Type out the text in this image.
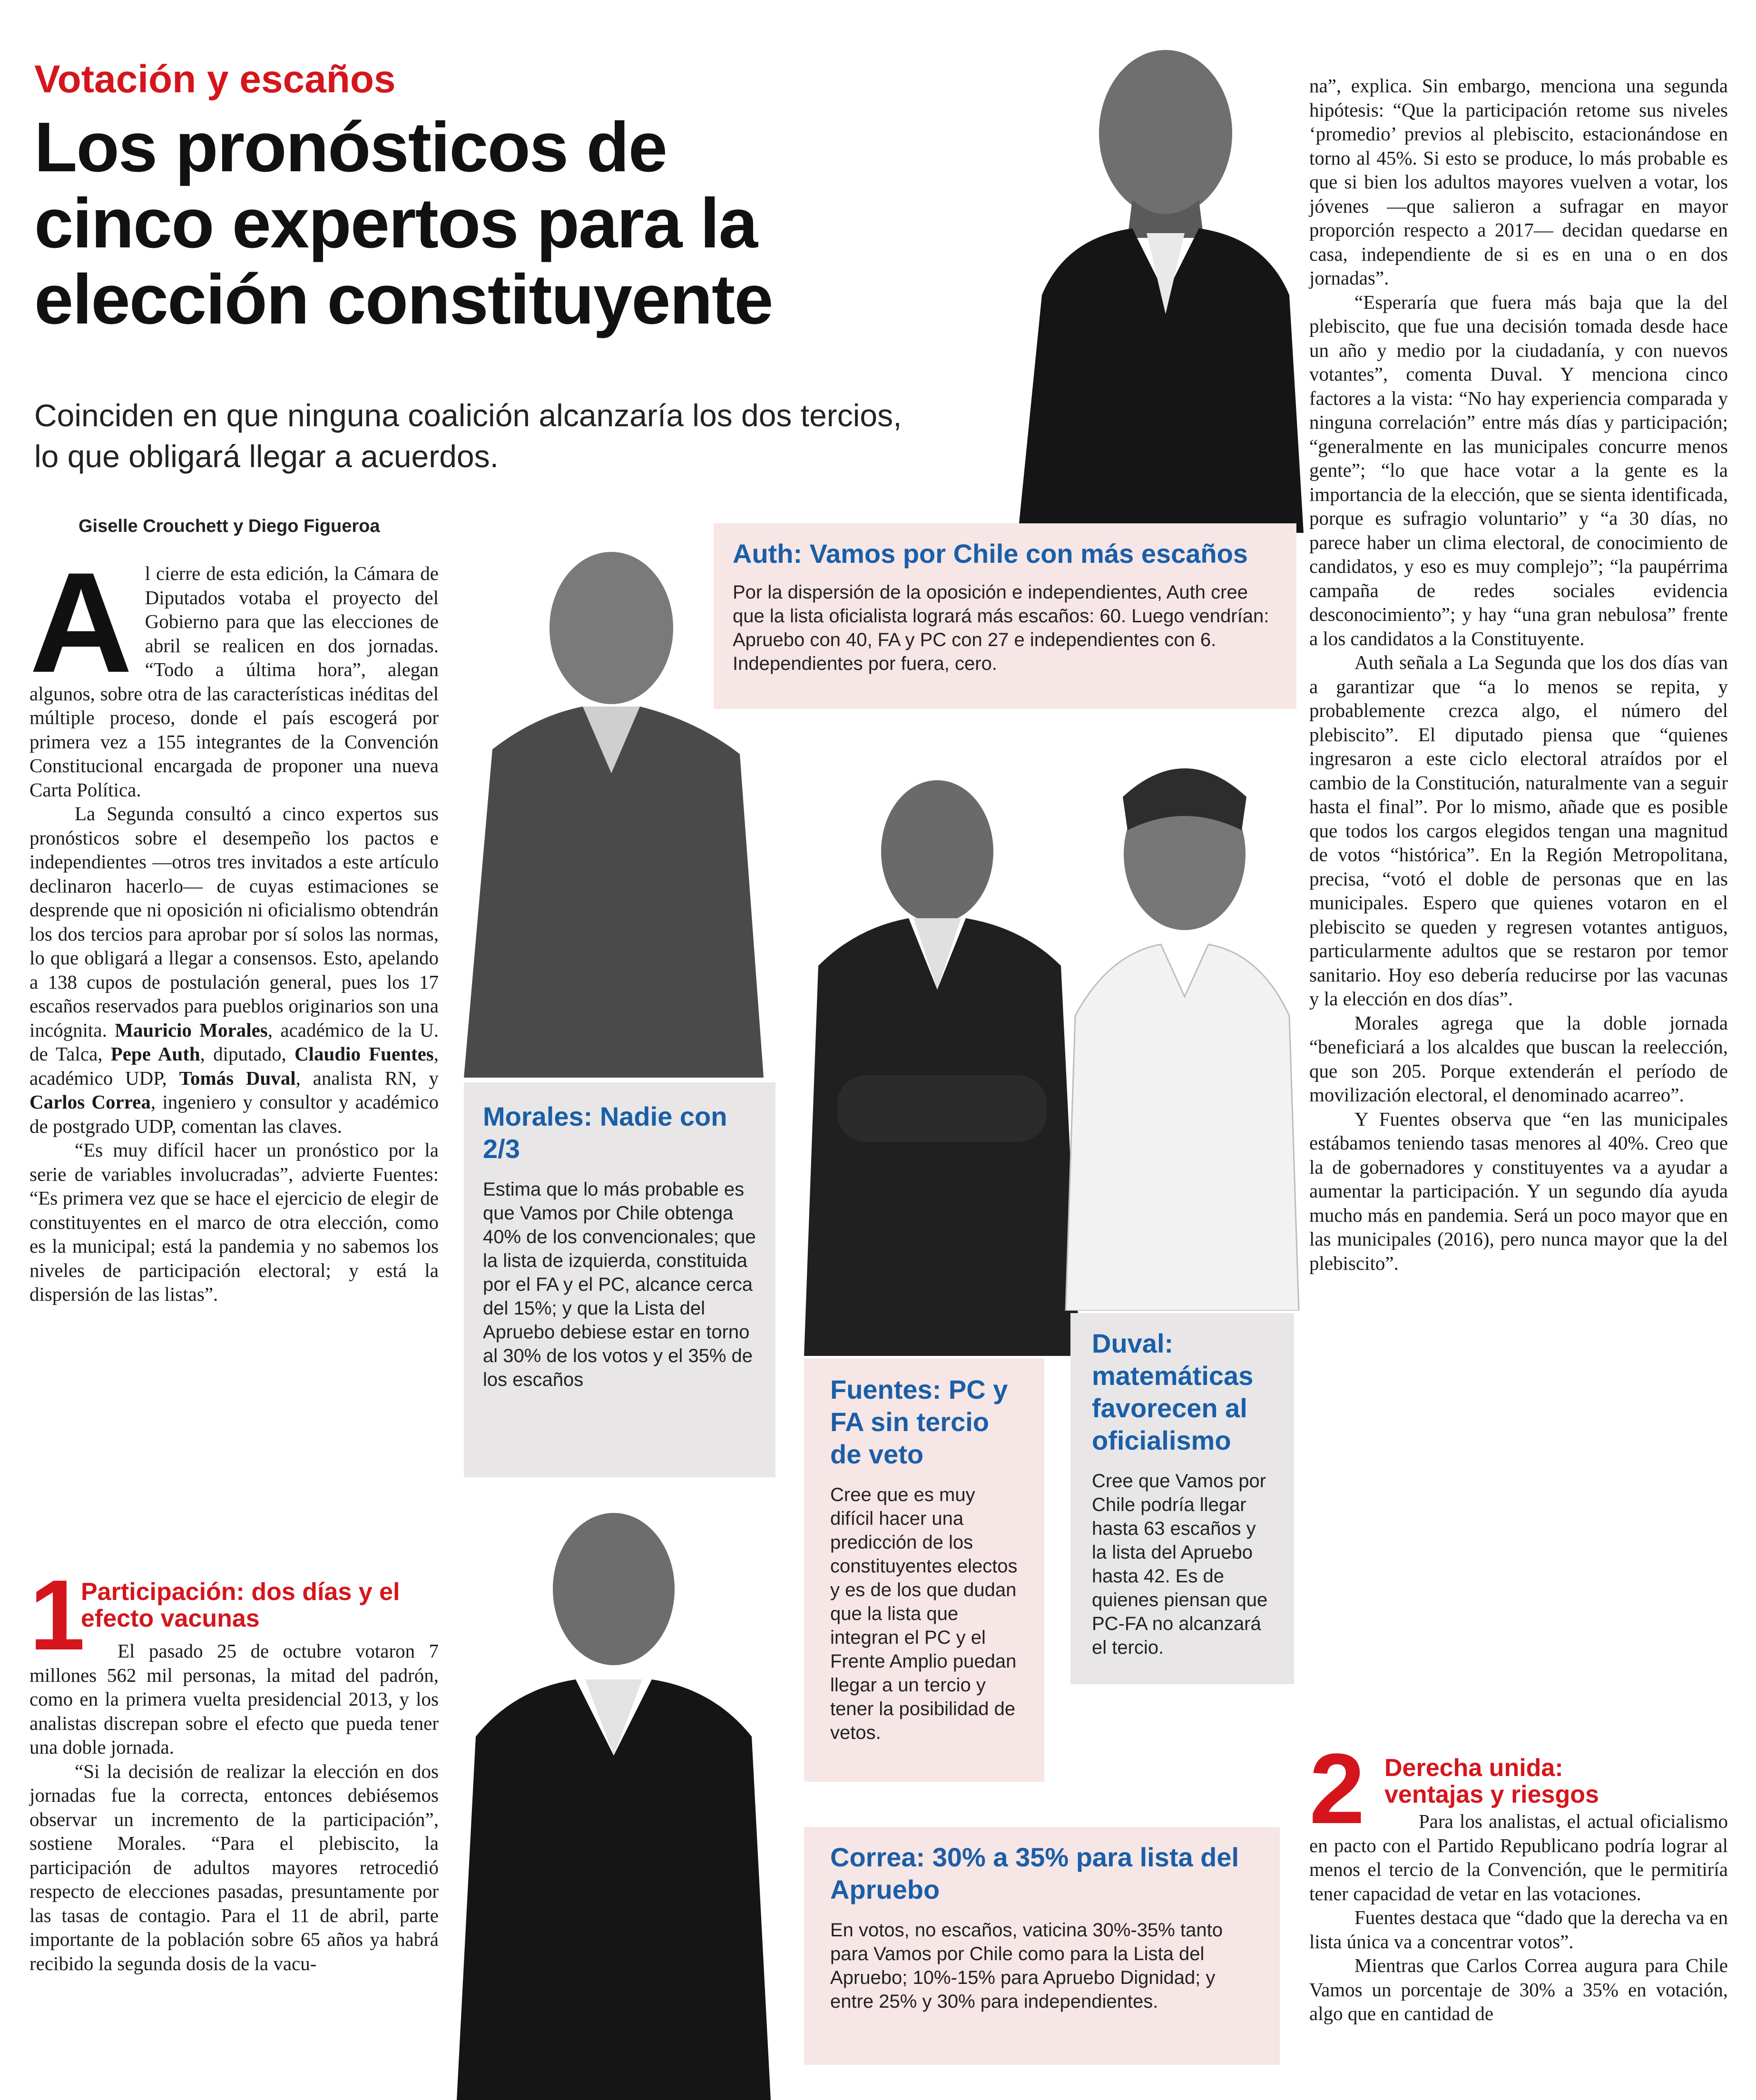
Votación y escaños
Los pronósticos de
cinco expertos para la
elección constituyente
Coinciden en que ninguna coalición alcanzaría los dos tercios, lo que obligará llegar a acuerdos.
Giselle Crouchett y Diego Figueroa
A l cierre de esta edición, la Cámara de Diputados votaba el proyecto del Gobierno para que las elecciones de abril se realicen en dos jornadas. “Todo a última hora”, alegan algunos, sobre otra de las características inéditas del múltiple proceso, donde el país escogerá por primera vez a 155 integrantes de la Convención Constitucional encargada de proponer una nueva Carta Política.

La Segunda consultó a cinco expertos sus pronósticos sobre el desempeño los pactos e independientes —otros tres invitados a este artículo declinaron hacerlo— de cuyas estimaciones se desprende que ni oposición ni oficialismo obtendrán los dos tercios para aprobar por sí solos las normas, lo que obligará a llegar a consensos. Esto, apelando a 138 cupos de postulación general, pues los 17 escaños reservados para pueblos originarios son una incógnita. Mauricio Morales, académico de la U. de Talca, Pepe Auth, diputado, Claudio Fuentes, académico UDP, Tomás Duval, analista RN, y Carlos Correa, ingeniero y consultor y académico de postgrado UDP, comentan las claves.

“Es muy difícil hacer un pronóstico por la serie de variables involucradas”, advierte Fuentes: “Es primera vez que se hace el ejercicio de elegir de constituyentes en el marco de otra elección, como es la municipal; está la pandemia y no sabemos los niveles de participación electoral; y está la dispersión de las listas”.

1
Participación: dos días y el efecto vacunas

El pasado 25 de octubre votaron 7 millones 562 mil personas, la mitad del padrón, como en la primera vuelta presidencial 2013, y los analistas discrepan sobre el efecto que pueda tener una doble jornada.

“Si la decisión de realizar la elección en dos jornadas fue la correcta, entonces debiésemos observar un incremento de la participación”, sostiene Morales. “Para el plebiscito, la participación de adultos mayores retrocedió respecto de elecciones pasadas, presuntamente por las tasas de contagio. Para el 11 de abril, parte importante de la población sobre 65 años ya habrá recibido la segunda dosis de la vacu-

na”, explica. Sin embargo, menciona una segunda hipótesis: “Que la participación retome sus niveles ‘promedio’ previos al plebiscito, estacionándose en torno al 45%. Si esto se produce, lo más probable es que si bien los adultos mayores vuelven a votar, los jóvenes —que salieron a sufragar en mayor proporción respecto a 2017— decidan quedarse en casa, independiente de si es en una o en dos jornadas”.

“Esperaría que fuera más baja que la del plebiscito, que fue una decisión tomada desde hace un año y medio por la ciudadanía, y con nuevos votantes”, comenta Duval. Y menciona cinco factores a la vista: “No hay experiencia comparada y ninguna correlación” entre más días y participación; “generalmente en las municipales concurre menos gente”; “lo que hace votar a la gente es la importancia de la elección, que se sienta identificada, porque es sufragio voluntario” y “a 30 días, no parece haber un clima electoral, de conocimiento de candidatos, y eso es muy complejo”; “la paupérrima campaña de redes sociales evidencia desconocimiento”; y hay “una gran nebulosa” frente a los candidatos a la Constituyente.

Auth señala a La Segunda que los dos días van a garantizar que “a lo menos se repita, y probablemente crezca algo, el número del plebiscito”. El diputado piensa que “quienes ingresaron a este ciclo electoral atraídos por el cambio de la Constitución, naturalmente van a seguir hasta el final”. Por lo mismo, añade que es posible que todos los cargos elegidos tengan una magnitud de votos “histórica”. En la Región Metropolitana, precisa, “votó el doble de personas que en las municipales. Espero que quienes votaron en el plebiscito se queden y regresen votantes antiguos, particularmente adultos que se restaron por temor sanitario. Hoy eso debería reducirse por las vacunas y la elección en dos días”.

Morales agrega que la doble jornada “beneficiará a los alcaldes que buscan la reelección, que son 205. Porque extenderán el período de movilización electoral, el denominado acarreo”.

Y Fuentes observa que “en las municipales estábamos teniendo tasas menores al 40%. Creo que la de gobernadores y constituyentes va a ayudar a aumentar la participación. Y un segundo día ayuda mucho más en pandemia. Será un poco mayor que en las municipales (2016), pero nunca mayor que la del plebiscito”.

2 Derecha unida: ventajas y riesgos

Para los analistas, el actual oficialismo en pacto con el Partido Republicano podría lograr al menos el tercio de la Convención, que le permitiría tener capacidad de vetar en las votaciones.

Fuentes destaca que “dado que la derecha va en lista única va a concentrar votos”.

Mientras que Carlos Correa augura para Chile Vamos un porcentaje de 30% a 35% en votación, algo que en cantidad de

Auth: Vamos por Chile con más escaños
Por la dispersión de la oposición e independientes, Auth cree que la lista oficialista logrará más escaños: 60. Luego vendrían: Apruebo con 40, FA y PC con 27 e independientes con 6. Independientes por fuera, cero.
Morales: Nadie con 2/3
Estima que lo más probable es que Vamos por Chile obtenga 40% de los convencionales; que la lista de izquierda, constituida por el FA y el PC, alcance cerca del 15%; y que la Lista del Apruebo debiese estar en torno al 30% de los votos y el 35% de los escaños	Fuentes: PC y FA sin tercio de veto
Cree que es muy difícil hacer una predicción de los constituyentes electos y es de los que dudan que la lista que integran el PC y el Frente Amplio puedan llegar a un tercio y tener la posibilidad de vetos.
Duval: matemáticas favorecen al oficialismo
Cree que Vamos por Chile podría llegar hasta 63 escaños y la lista del Apruebo hasta 42. Es de quienes piensan que PC-FA no alcanzará el tercio.
Correa: 30% a 35% para lista del Apruebo
En votos, no escaños, vaticina 30%-35% tanto para Vamos por Chile como para la Lista del Apruebo; 10%-15% para Apruebo Dignidad; y entre 25% y 30% para independientes.
